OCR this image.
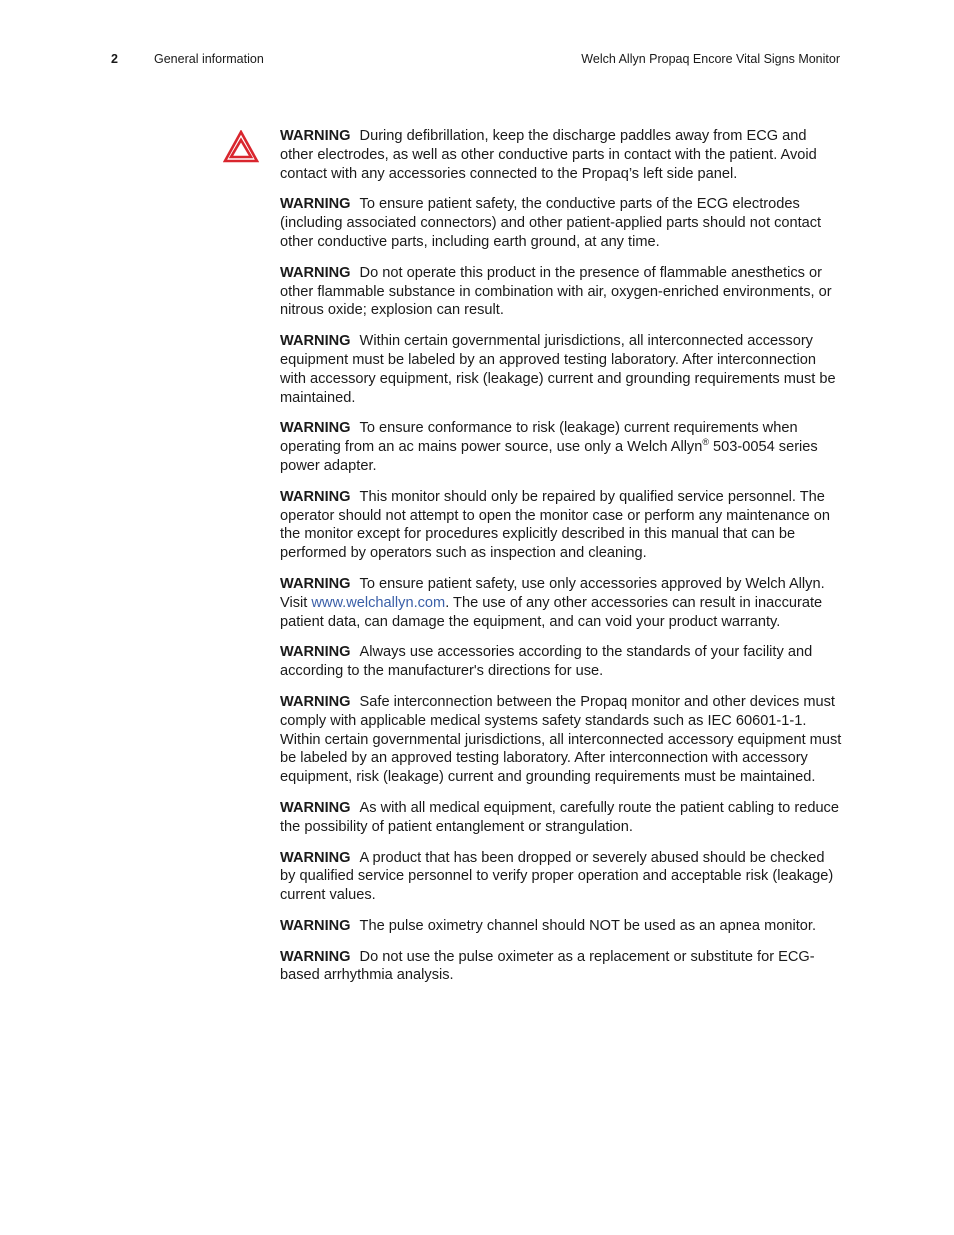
2	General information	Welch Allyn Propaq Encore Vital Signs Monitor

WARNING During defibrillation, keep the discharge paddles away from ECG and other electrodes, as well as other conductive parts in contact with the patient. Avoid contact with any accessories connected to the Propaq’s left side panel.

WARNING To ensure patient safety, the conductive parts of the ECG electrodes (including associated connectors) and other patient-applied parts should not contact other conductive parts, including earth ground, at any time.

WARNING Do not operate this product in the presence of flammable anesthetics or other flammable substance in combination with air, oxygen-enriched environments, or nitrous oxide; explosion can result.

WARNING Within certain governmental jurisdictions, all interconnected accessory equipment must be labeled by an approved testing laboratory. After interconnection with accessory equipment, risk (leakage) current and grounding requirements must be maintained.

WARNING To ensure conformance to risk (leakage) current requirements when operating from an ac mains power source, use only a Welch Allyn® 503-0054 series power adapter.

WARNING This monitor should only be repaired by qualified service personnel. The operator should not attempt to open the monitor case or perform any maintenance on the monitor except for procedures explicitly described in this manual that can be performed by operators such as inspection and cleaning.

WARNING To ensure patient safety, use only accessories approved by Welch Allyn. Visit www.welchallyn.com. The use of any other accessories can result in inaccurate patient data, can damage the equipment, and can void your product warranty.

WARNING Always use accessories according to the standards of your facility and according to the manufacturer's directions for use.

WARNING Safe interconnection between the Propaq monitor and other devices must comply with applicable medical systems safety standards such as IEC 60601-1-1. Within certain governmental jurisdictions, all interconnected accessory equipment must be labeled by an approved testing laboratory. After interconnection with accessory equipment, risk (leakage) current and grounding requirements must be maintained.

WARNING As with all medical equipment, carefully route the patient cabling to reduce the possibility of patient entanglement or strangulation.

WARNING A product that has been dropped or severely abused should be checked by qualified service personnel to verify proper operation and acceptable risk (leakage) current values.

WARNING The pulse oximetry channel should NOT be used as an apnea monitor.

WARNING Do not use the pulse oximeter as a replacement or substitute for ECG-based arrhythmia analysis.
